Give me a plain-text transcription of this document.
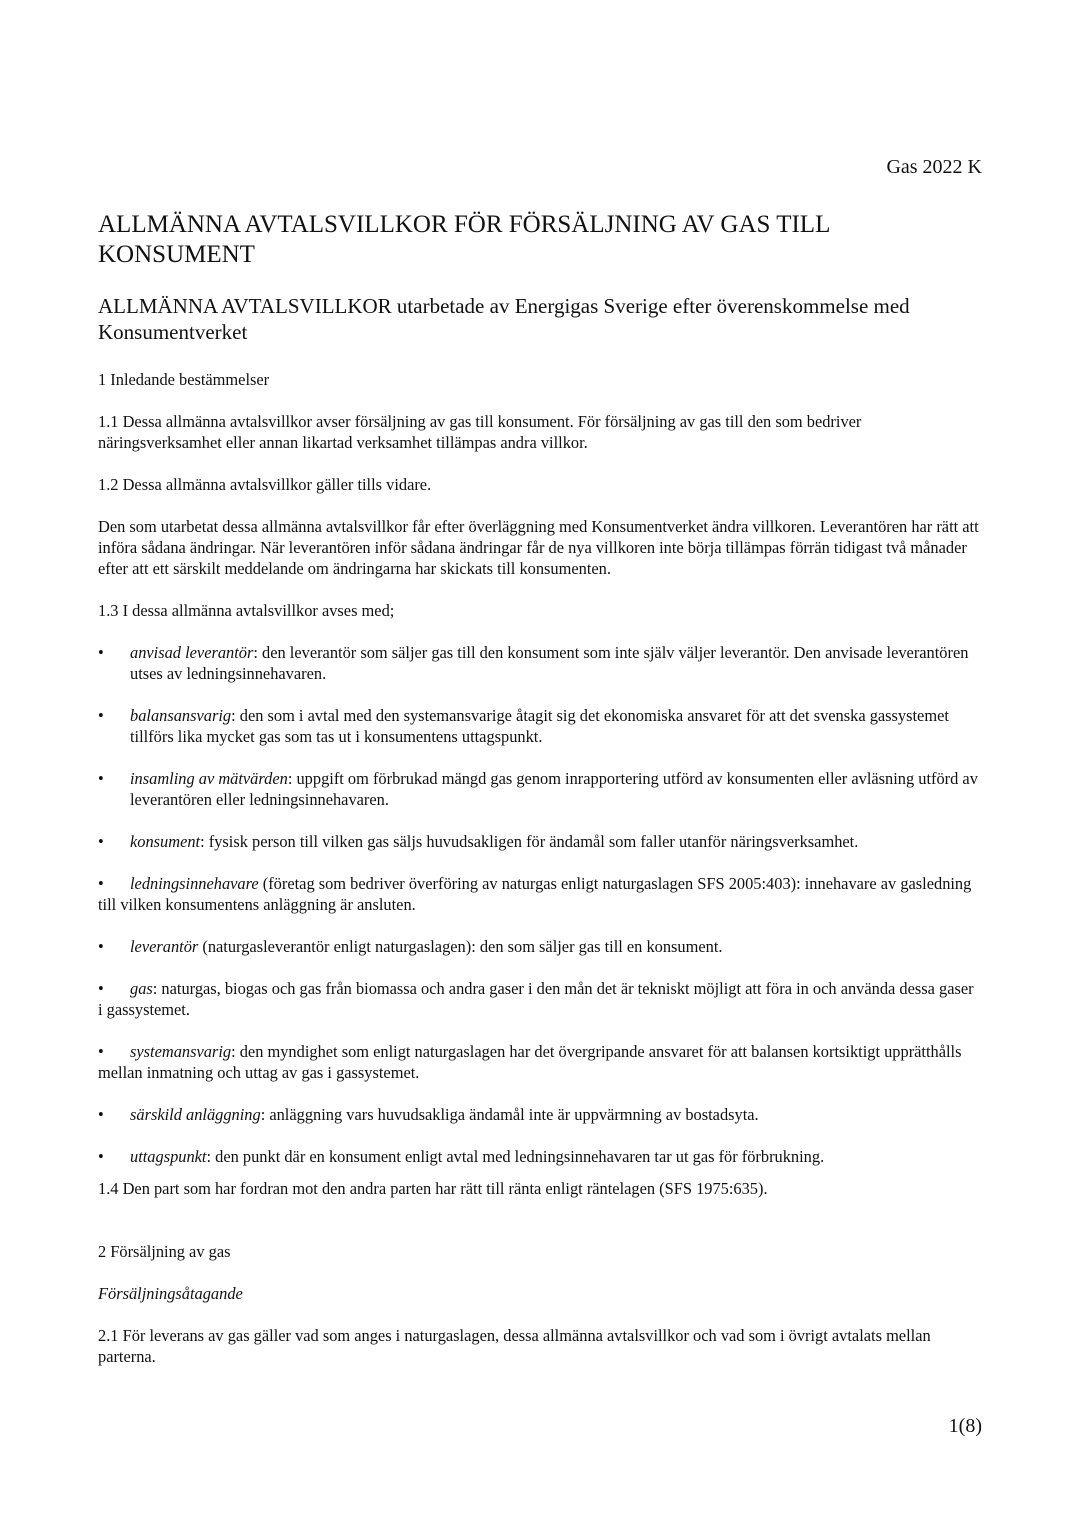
Gas 2022 K
ALLMÄNNA AVTALSVILLKOR FÖR FÖRSÄLJNING AV GAS TILL KONSUMENT
ALLMÄNNA AVTALSVILLKOR utarbetade av Energigas Sverige efter överenskommelse med Konsumentverket

1 Inledande bestämmelser

1.1 Dessa allmänna avtalsvillkor avser försäljning av gas till konsument. För försäljning av gas till den som bedriver näringsverksamhet eller annan likartad verksamhet tillämpas andra villkor.

1.2 Dessa allmänna avtalsvillkor gäller tills vidare.

Den som utarbetat dessa allmänna avtalsvillkor får efter överläggning med Konsumentverket ändra villkoren. Leverantören har rätt att införa sådana ändringar. När leverantören inför sådana ändringar får de nya villkoren inte börja tillämpas förrän tidigast två månader efter att ett särskilt meddelande om ändringarna har skickats till konsumenten.

1.3 I dessa allmänna avtalsvillkor avses med;

• anvisad leverantör: den leverantör som säljer gas till den konsument som inte själv väljer leverantör. Den anvisade leverantören utses av ledningsinnehavaren.

• balansansvarig: den som i avtal med den systemansvarige åtagit sig det ekonomiska ansvaret för att det svenska gassystemet tillförs lika mycket gas som tas ut i konsumentens uttagspunkt.

• insamling av mätvärden: uppgift om förbrukad mängd gas genom inrapportering utförd av konsumenten eller avläsning utförd av leverantören eller ledningsinnehavaren.

• konsument: fysisk person till vilken gas säljs huvudsakligen för ändamål som faller utanför näringsverksamhet.

• ledningsinnehavare (företag som bedriver överföring av naturgas enligt naturgaslagen SFS 2005:403): innehavare av gasledning till vilken konsumentens anläggning är ansluten.

• leverantör (naturgasleverantör enligt naturgaslagen): den som säljer gas till en konsument.

• gas: naturgas, biogas och gas från biomassa och andra gaser i den mån det är tekniskt möjligt att föra in och använda dessa gaser i gassystemet.

• systemansvarig: den myndighet som enligt naturgaslagen har det övergripande ansvaret för att balansen kortsiktigt upprätthålls mellan inmatning och uttag av gas i gassystemet.

• särskild anläggning: anläggning vars huvudsakliga ändamål inte är uppvärmning av bostadsyta.

• uttagspunkt: den punkt där en konsument enligt avtal med ledningsinnehavaren tar ut gas för förbrukning.

1.4 Den part som har fordran mot den andra parten har rätt till ränta enligt räntelagen (SFS 1975:635).

2 Försäljning av gas

Försäljningsåtagande

2.1 För leverans av gas gäller vad som anges i naturgaslagen, dessa allmänna avtalsvillkor och vad som i övrigt avtalats mellan parterna.

1(8)
